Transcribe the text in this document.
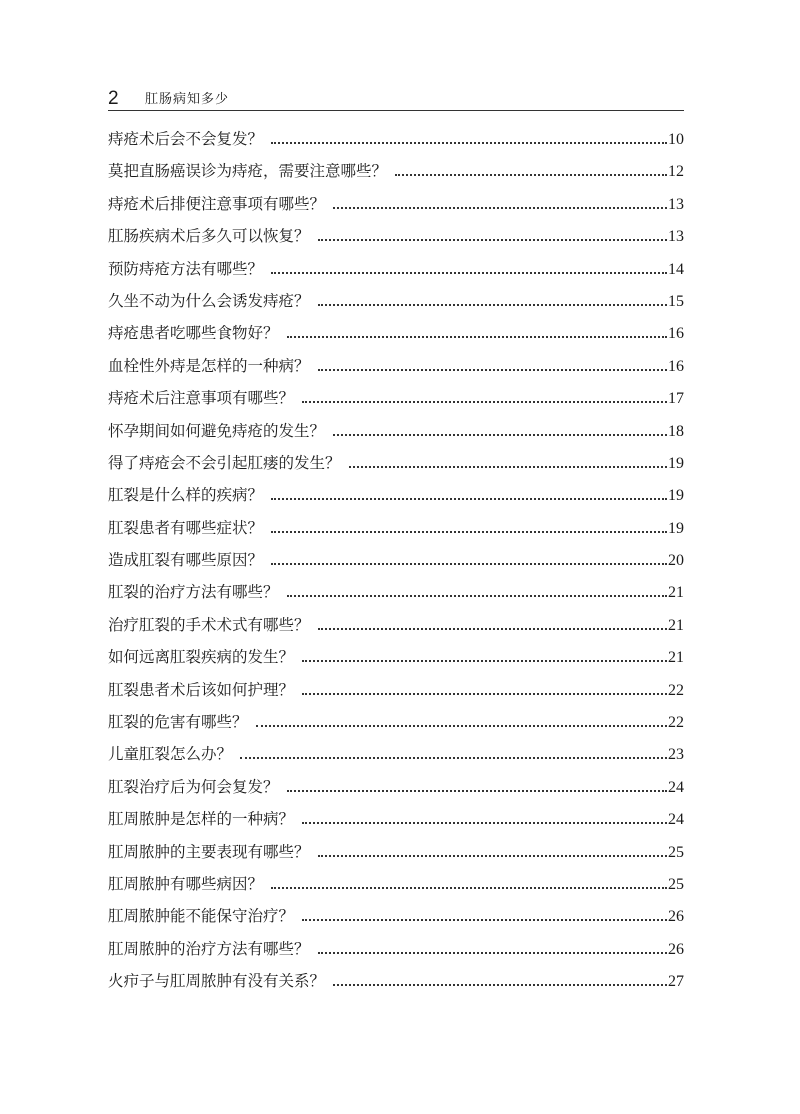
2 肛肠病知多少
痔疮术后会不会复发？	10
莫把直肠癌误诊为痔疮，需要注意哪些？	12
痔疮术后排便注意事项有哪些？	13
肛肠疾病术后多久可以恢复？	13
预防痔疮方法有哪些？	14
久坐不动为什么会诱发痔疮？	15
痔疮患者吃哪些食物好？	16
血栓性外痔是怎样的一种病？	16
痔疮术后注意事项有哪些？	17
怀孕期间如何避免痔疮的发生？	18
得了痔疮会不会引起肛瘘的发生？	19
肛裂是什么样的疾病？	19
肛裂患者有哪些症状？	19
造成肛裂有哪些原因？	20
肛裂的治疗方法有哪些？	21
治疗肛裂的手术术式有哪些？	21
如何远离肛裂疾病的发生？	21
肛裂患者术后该如何护理？	22
肛裂的危害有哪些？	22
儿童肛裂怎么办？	23
肛裂治疗后为何会复发？	24
肛周脓肿是怎样的一种病？	24
肛周脓肿的主要表现有哪些？	25
肛周脓肿有哪些病因？	25
肛周脓肿能不能保守治疗？	26
肛周脓肿的治疗方法有哪些？	26
火疖子与肛周脓肿有没有关系？	27
